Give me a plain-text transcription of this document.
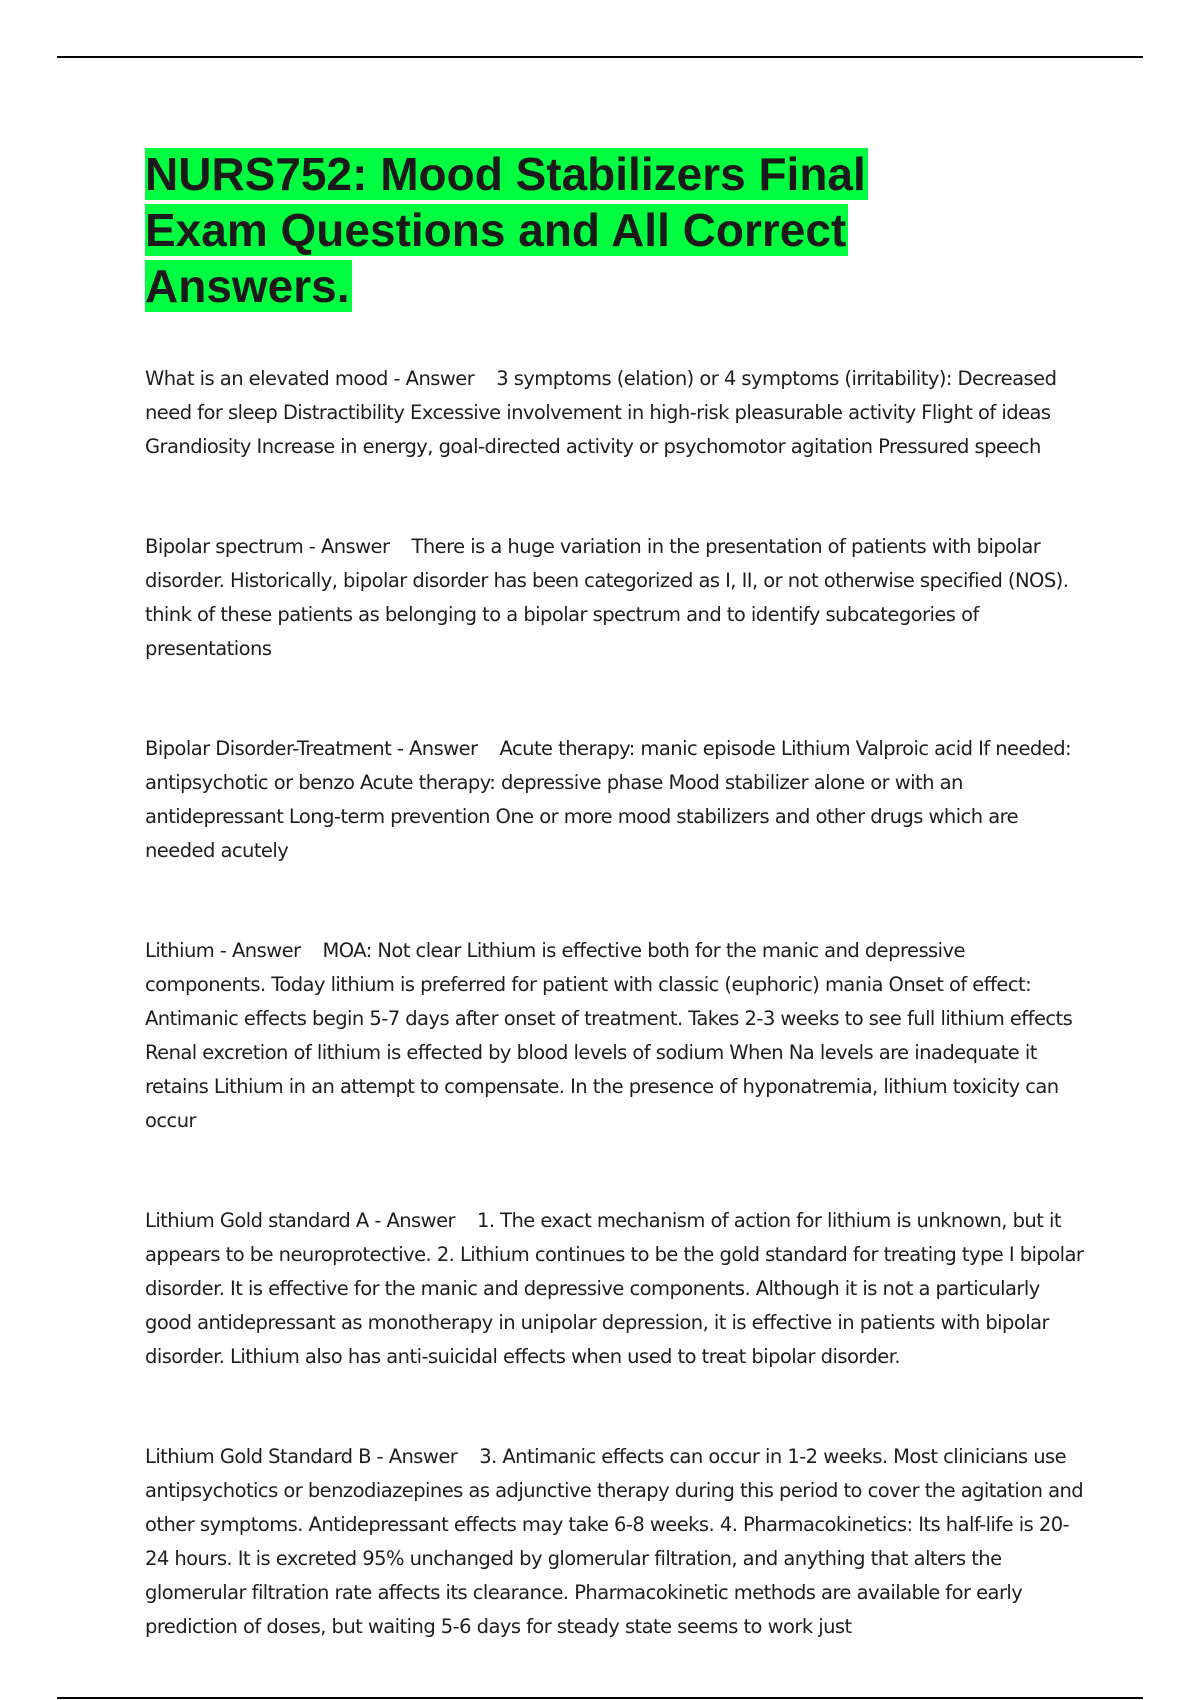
NURS752: Mood Stabilizers Final Exam Questions and All Correct Answers.

What is an elevated mood - Answer 3 symptoms (elation) or 4 symptoms (irritability): Decreased need for sleep Distractibility Excessive involvement in high-risk pleasurable activity Flight of ideas Grandiosity Increase in energy, goal-directed activity or psychomotor agitation Pressured speech

Bipolar spectrum - Answer There is a huge variation in the presentation of patients with bipolar disorder. Historically, bipolar disorder has been categorized as I, II, or not otherwise specified (NOS). think of these patients as belonging to a bipolar spectrum and to identify subcategories of presentations

Bipolar Disorder-Treatment - Answer Acute therapy: manic episode Lithium Valproic acid If needed: antipsychotic or benzo Acute therapy: depressive phase Mood stabilizer alone or with an antidepressant Long-term prevention One or more mood stabilizers and other drugs which are needed acutely

Lithium - Answer MOA: Not clear Lithium is effective both for the manic and depressive components. Today lithium is preferred for patient with classic (euphoric) mania Onset of effect: Antimanic effects begin 5-7 days after onset of treatment. Takes 2-3 weeks to see full lithium effects Renal excretion of lithium is effected by blood levels of sodium When Na levels are inadequate it retains Lithium in an attempt to compensate. In the presence of hyponatremia, lithium toxicity can occur

Lithium Gold standard A - Answer 1. The exact mechanism of action for lithium is unknown, but it appears to be neuroprotective. 2. Lithium continues to be the gold standard for treating type I bipolar disorder. It is effective for the manic and depressive components. Although it is not a particularly good antidepressant as monotherapy in unipolar depression, it is effective in patients with bipolar disorder. Lithium also has anti-suicidal effects when used to treat bipolar disorder.

Lithium Gold Standard B - Answer 3. Antimanic effects can occur in 1-2 weeks. Most clinicians use antipsychotics or benzodiazepines as adjunctive therapy during this period to cover the agitation and other symptoms. Antidepressant effects may take 6-8 weeks. 4. Pharmacokinetics: Its half-life is 20-24 hours. It is excreted 95% unchanged by glomerular filtration, and anything that alters the glomerular filtration rate affects its clearance. Pharmacokinetic methods are available for early prediction of doses, but waiting 5-6 days for steady state seems to work just
